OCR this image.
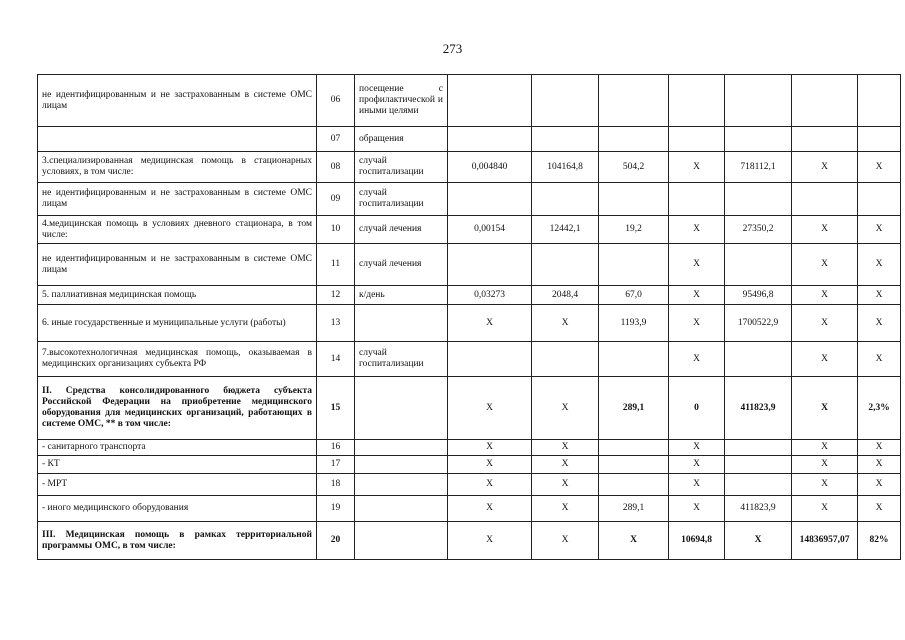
273
не идентифицированным и не застрахованным в системе ОМС лицам	06	посещение с профилактической и иными целями							
	07	обращения							
3.специализированная медицинская помощь в стационарных условиях, в том числе:	08	случай госпитализации	0,004840	104164,8	504,2	Х	718112,1	Х	Х
не идентифицированным и не застрахованным в системе ОМС лицам	09	случай госпитализации							
4.медицинская помощь в условиях дневного стационара, в том числе:	10	случай лечения	0,00154	12442,1	19,2	Х	27350,2	Х	Х
не идентифицированным и не застрахованным в системе ОМС лицам	11	случай лечения				Х		Х	Х
5. паллиативная медицинская помощь	12	к/день	0,03273	2048,4	67,0	Х	95496,8	Х	Х
6. иные государственные и муниципальные услуги (работы)	13		Х	Х	1193,9	Х	1700522,9	Х	Х
7.высокотехнологичная медицинская помощь, оказываемая в медицинских организациях субъекта РФ	14	случай госпитализации				Х		Х	Х
II. Средства консолидированного бюджета субъекта Российской Федерации на приобретение медицинского оборудования для медицинских организаций, работающих в системе ОМС, ** в том числе:	15		Х	Х	289,1	0	411823,9	Х	2,3%
- санитарного транспорта	16		Х	Х		Х		Х	Х
- КТ	17		Х	Х		Х		Х	Х
- МРТ	18		Х	Х		Х		Х	Х
- иного медицинского оборудования	19		Х	Х	289,1	Х	411823,9	Х	Х
III. Медицинская помощь в рамках территориальной программы ОМС, в том числе:	20		Х	Х	Х	10694,8	Х	14836957,07	82%
